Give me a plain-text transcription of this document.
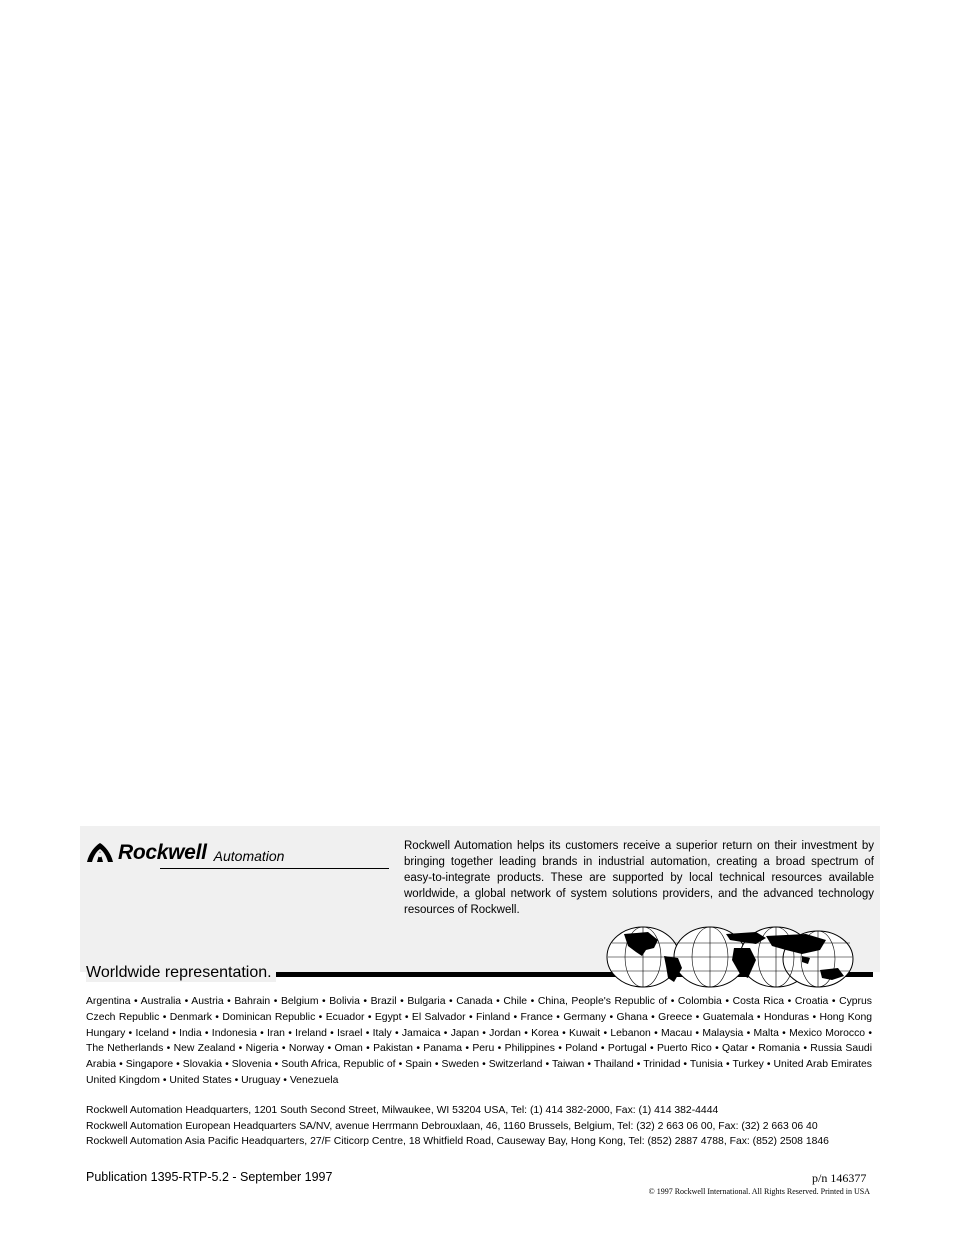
Rockwell Automation
Rockwell Automation helps its customers receive a superior return on their investment by bringing together leading brands in industrial automation, creating a broad spectrum of easy-to-integrate products. These are supported by local technical resources available worldwide, a global network of system solutions providers, and the advanced technology resources of Rockwell.
Worldwide representation.
Argentina • Australia • Austria • Bahrain • Belgium • Bolivia • Brazil • Bulgaria • Canada • Chile • China, People's Republic of • Colombia • Costa Rica • Croatia • Cyprus Czech Republic • Denmark • Dominican Republic • Ecuador • Egypt • El Salvador • Finland • France • Germany • Ghana • Greece • Guatemala • Honduras • Hong Kong Hungary • Iceland • India • Indonesia • Iran • Ireland • Israel • Italy • Jamaica • Japan • Jordan • Korea • Kuwait • Lebanon • Macau • Malaysia • Malta • Mexico Morocco • The Netherlands • New Zealand • Nigeria • Norway • Oman • Pakistan • Panama • Peru • Philippines • Poland • Portugal • Puerto Rico • Qatar • Romania • Russia Saudi Arabia • Singapore • Slovakia • Slovenia • South Africa, Republic of • Spain • Sweden • Switzerland • Taiwan • Thailand • Trinidad • Tunisia • Turkey • United Arab Emirates United Kingdom • United States • Uruguay • Venezuela
Rockwell Automation Headquarters, 1201 South Second Street, Milwaukee, WI 53204 USA, Tel: (1) 414 382-2000, Fax: (1) 414 382-4444
Rockwell Automation European Headquarters SA/NV, avenue Herrmann Debrouxlaan, 46, 1160 Brussels, Belgium, Tel: (32) 2 663 06 00, Fax: (32) 2 663 06 40
Rockwell Automation Asia Pacific Headquarters, 27/F Citicorp Centre, 18 Whitfield Road, Causeway Bay, Hong Kong, Tel: (852) 2887 4788, Fax: (852) 2508 1846
Publication 1395-RTP-5.2 - September 1997	p/n 146377
© 1997 Rockwell International. All Rights Reserved. Printed in USA
